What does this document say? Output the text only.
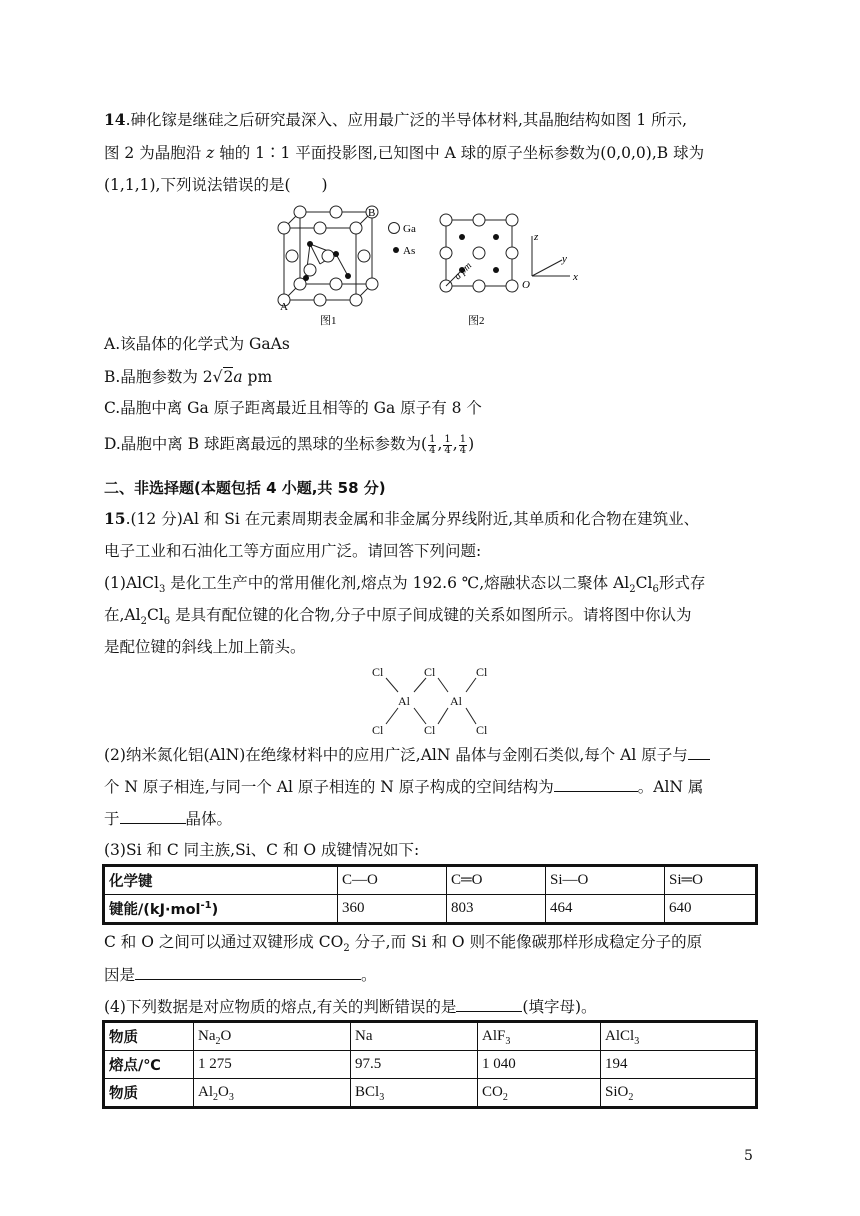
14.砷化镓是继硅之后研究最深入、应用最广泛的半导体材料,其晶胞结构如图 1 所示,
图 2 为晶胞沿 z 轴的 1∶1 平面投影图,已知图中 A 球的原子坐标参数为(0,0,0),B 球为
(1,1,1),下列说法错误的是(　　)
A
B
Ga
As
a pm
z
y
x
O
图1	图2
A.该晶体的化学式为 GaAs
B.晶胞参数为 2√2a pm
C.晶胞中离 Ga 原子距离最近且相等的 Ga 原子有 8 个
D.晶胞中离 B 球距离最远的黑球的坐标参数为( $\frac{1}{4}$ , $\frac{1}{4}$ , $\frac{1}{4}$ )
二、非选择题(本题包括 4 小题,共 58 分)
15.(12 分)Al 和 Si 在元素周期表金属和非金属分界线附近,其单质和化合物在建筑业、
电子工业和石油化工等方面应用广泛。请回答下列问题:
(1)AlCl$_3$ 是化工生产中的常用催化剂,熔点为 192.6 ℃,熔融状态以二聚体 $Al_2Cl_6$形式存
在$,Al_2Cl_6$ 是具有配位键的化合物,分子中原子间成键的关系如图所示。请将图中你认为
是配位键的斜线上加上箭头。
Cl	Cl	Cl
Al	Al
Cl	Cl	Cl
(2)纳米氮化铝(AlN)在绝缘材料中的应用广泛,AlN 晶体与金刚石类似,每个 Al 原子与
个 N 原子相连,与同一个 Al 原子相连的 N 原子构成的空间结构为	。AlN 属
于	晶体。
(3)Si 和 C 同主族,Si、C 和 O 成键情况如下:
化学键	C—O	C═O	Si—O	Si═O
键能/(kJ·mol$^{-1}$)	360	803	464	640
C 和 O 之间可以通过双键形成 $CO_2$ 分子,而 Si 和 O 则不能像碳那样形成稳定分子的原
因是	。
(4)下列数据是对应物质的熔点,有关的判断错误的是	(填字母)。
物质	$Na_2O$	Na	AlF$_3$	AlCl$_3$
熔点/℃	1 275	97.5	1 040	194
物质	$Al_2O_3$	BCl$_3$	$CO_2$	SiO$_2$
5
